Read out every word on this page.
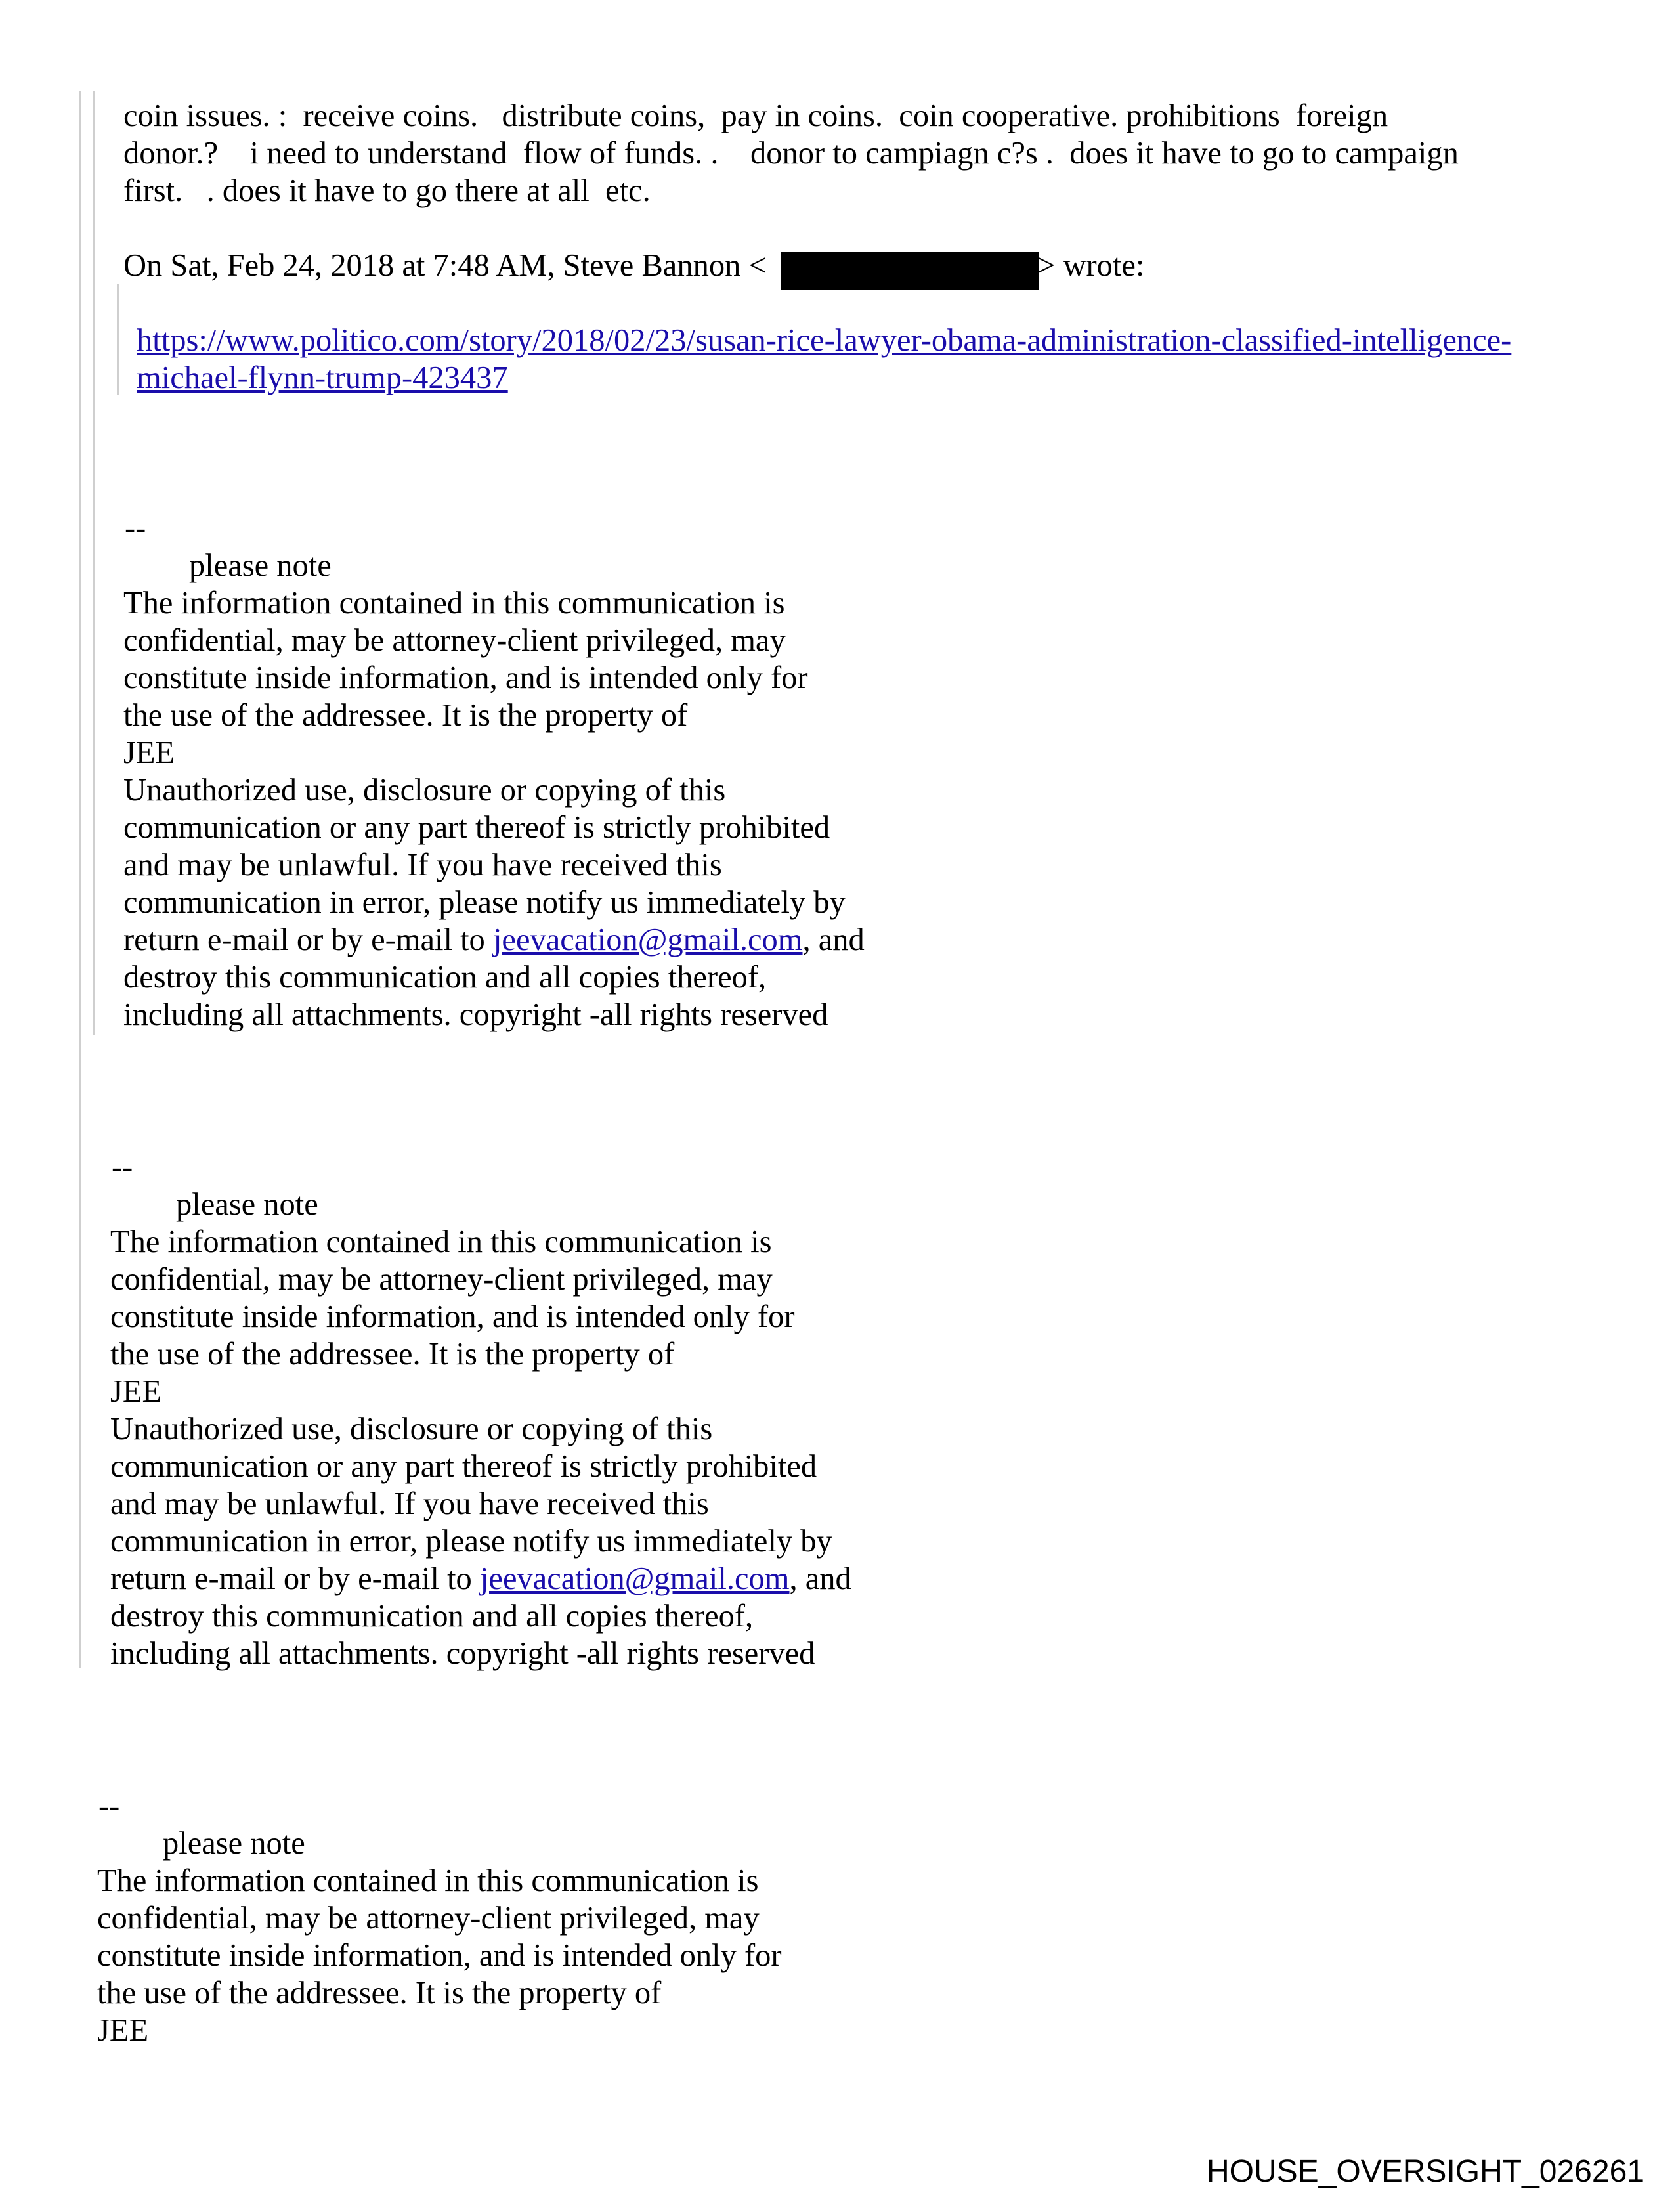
coin issues. :  receive coins.   distribute coins,  pay in coins.  coin cooperative. prohibitions  foreign
donor.?    i need to understand  flow of funds. .    donor to campiagn c?s .  does it have to go to campaign
first.   . does it have to go there at all  etc.
On Sat, Feb 24, 2018 at 7:48 AM, Steve Bannon <	> wrote:
https://www.politico.com/story/2018/02/23/susan-rice-lawyer-obama-administration-classified-intelligence-
michael-flynn-trump-423437
--
please note
The information contained in this communication is
confidential, may be attorney-client privileged, may
constitute inside information, and is intended only for
the use of the addressee. It is the property of
JEE
Unauthorized use, disclosure or copying of this
communication or any part thereof is strictly prohibited
and may be unlawful. If you have received this
communication in error, please notify us immediately by
return e-mail or by e-mail to jeevacation@gmail.com, and
destroy this communication and all copies thereof,
including all attachments. copyright -all rights reserved
--
please note
The information contained in this communication is
confidential, may be attorney-client privileged, may
constitute inside information, and is intended only for
the use of the addressee. It is the property of
JEE
Unauthorized use, disclosure or copying of this
communication or any part thereof is strictly prohibited
and may be unlawful. If you have received this
communication in error, please notify us immediately by
return e-mail or by e-mail to jeevacation@gmail.com, and
destroy this communication and all copies thereof,
including all attachments. copyright -all rights reserved
--
please note
The information contained in this communication is
confidential, may be attorney-client privileged, may
constitute inside information, and is intended only for
the use of the addressee. It is the property of
JEE
HOUSE_OVERSIGHT_026261
